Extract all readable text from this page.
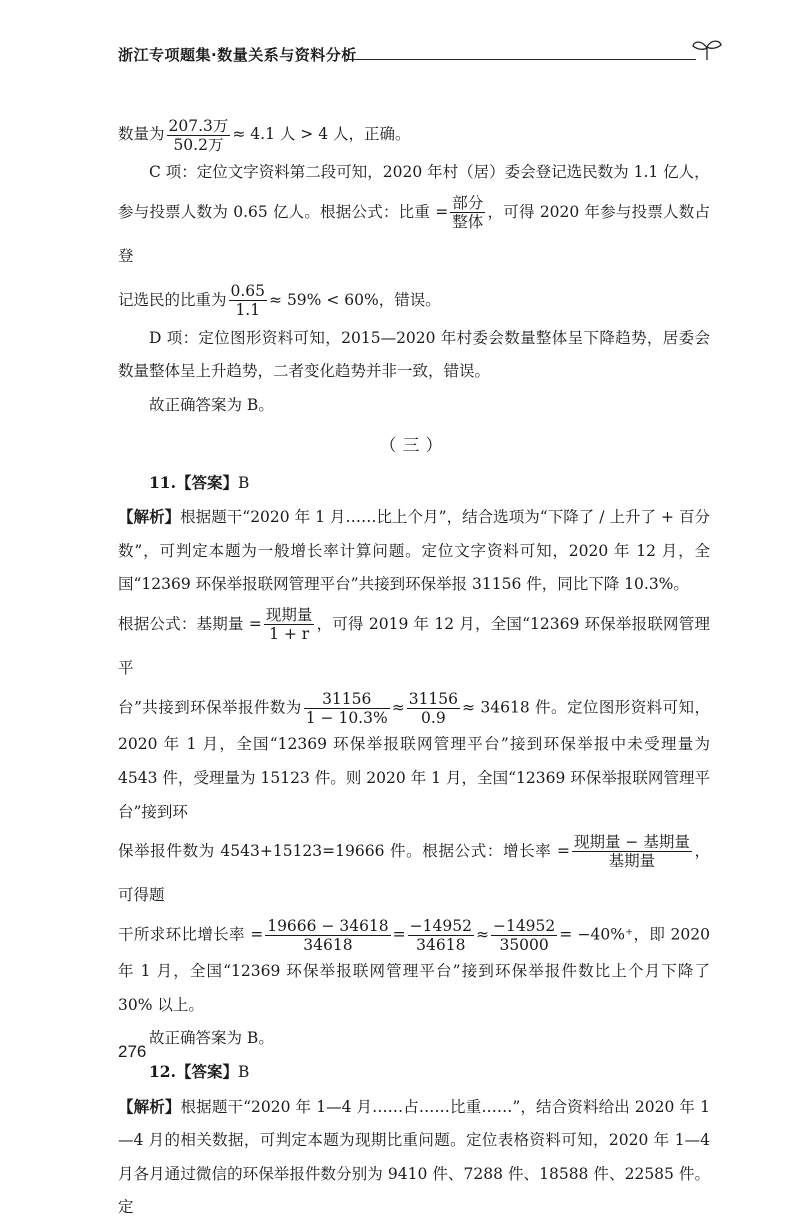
浙江专项题集·数量关系与资料分析

数量为 $\frac{\text{207.3万}}{\text{50.2万}} \approx 4.1$ 人 > 4 人，正确。

C 项：定位文字资料第二段可知，2020 年村（居）委会登记选民数为 1.1 亿人，

参与投票人数为 0.65 亿人。根据公式：比重 = $\frac{\text{部分}}{\text{整体}}$ ，可得 2020 年参与投票人数占登

记选民的比重为 $\frac{0.65}{1.1} \approx 59\% < 60\%$，错误。

D 项：定位图形资料可知，2015—2020 年村委会数量整体呈下降趋势，居委会数量整体呈上升趋势，二者变化趋势并非一致，错误。

故正确答案为 B。

（三）

11.【答案】B

【解析】根据题干“2020 年 1 月……比上个月”，结合选项为“下降了 / 上升了 + 百分数”，可判定本题为一般增长率计算问题。定位文字资料可知，2020 年 12 月，全国“12369 环保举报联网管理平台”共接到环保举报 31156 件，同比下降 10.3%。

根据公式：基期量 = $\frac{\text{现期量}}{1 + r}$ ，可得 2019 年 12 月，全国“12369 环保举报联网管理平

台”共接到环保举报件数为 $\frac{31156}{1 - 10.3\%} \approx \frac{31156}{0.9} \approx 34618$ 件。定位图形资料可知，2020 年 1 月，全国“12369 环保举报联网管理平台”接到环保举报中未受理量为 4543 件，受理量为 15123 件。则 2020 年 1 月，全国“12369 环保举报联网管理平台”接到环

保举报件数为 4543+15123=19666 件。根据公式：增长率 = $\frac{\text{现期量 − 基期量}}{\text{基期量}}$ ，可得题

干所求环比增长率 = $\frac{19666 - 34618}{34618} = \frac{-14952}{34618} \approx \frac{-14952}{35000} = -40\%^+$，即 2020 年 1 月，全国“12369 环保举报联网管理平台”接到环保举报件数比上个月下降了 30% 以上。

故正确答案为 B。

12.【答案】B

【解析】根据题干“2020 年 1—4 月……占……比重……”，结合资料给出 2020 年 1—4 月的相关数据，可判定本题为现期比重问题。定位表格资料可知，2020 年 1—4 月各月通过微信的环保举报件数分别为 9410 件、7288 件、18588 件、22585 件。定

276
